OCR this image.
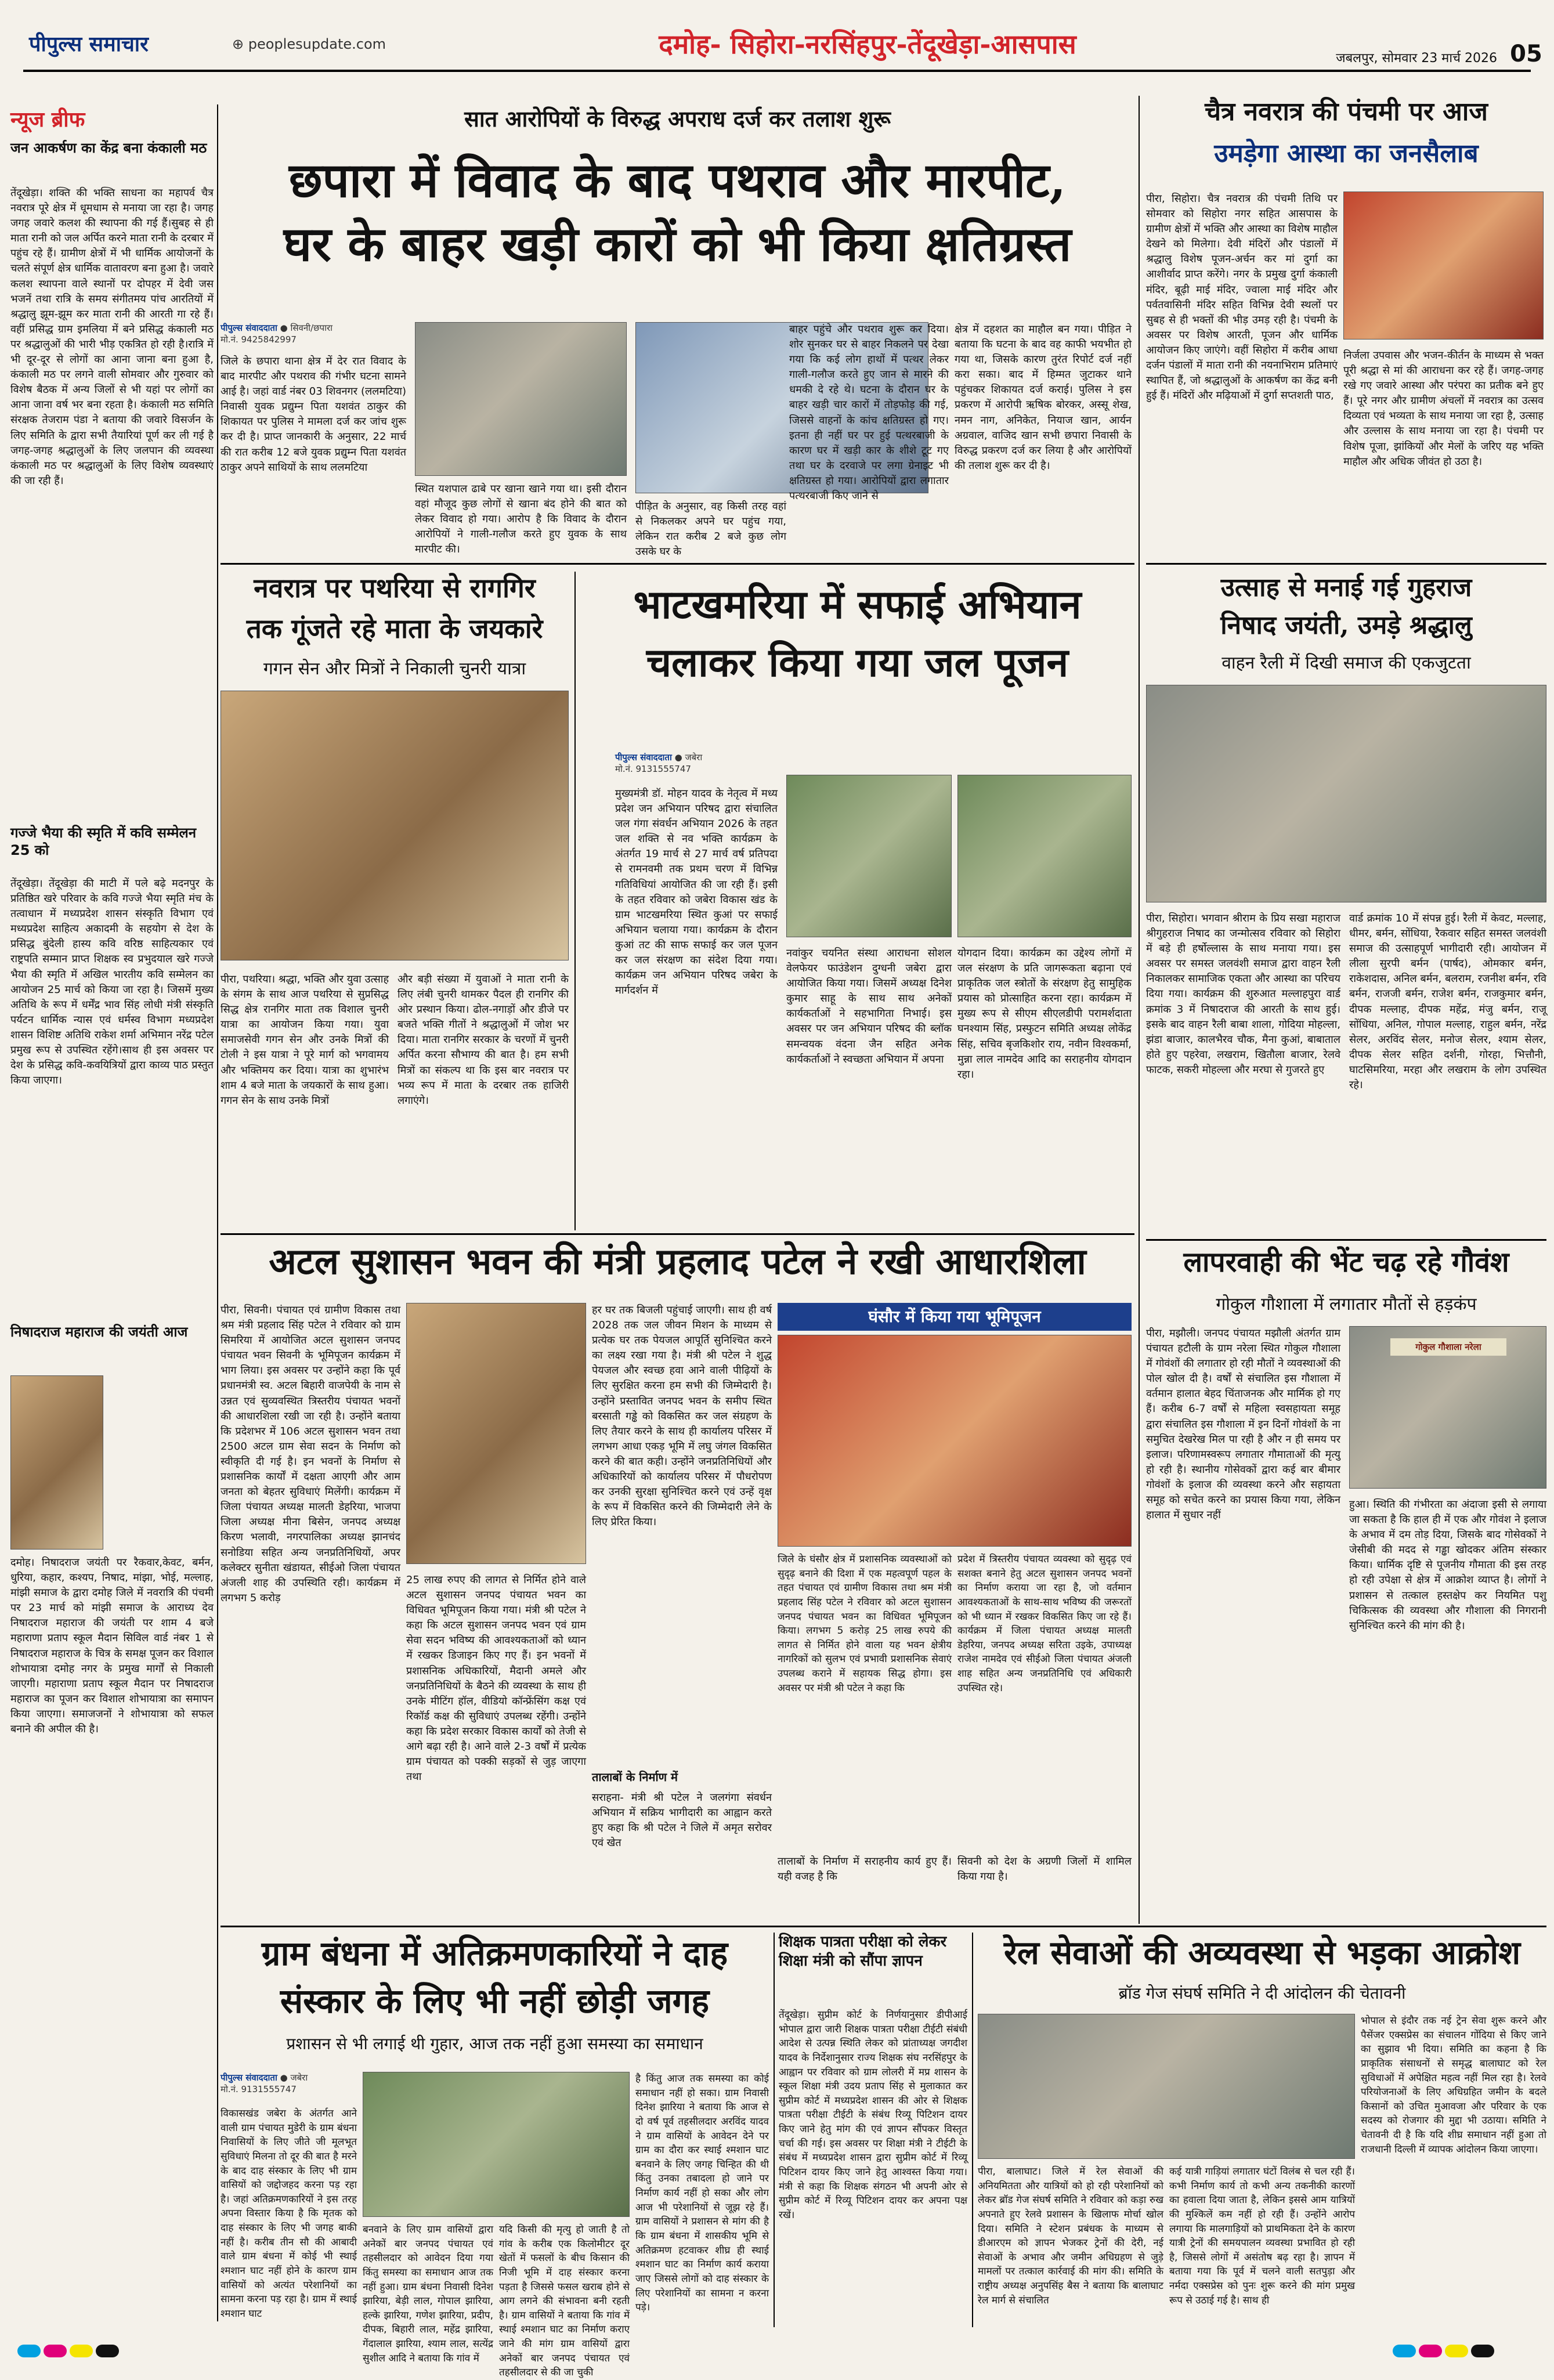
पीपुल्स समाचार	⊕ peoplesupdate.com	दमोह- सिहोरा-नरसिंहपुर-तेंदूखेड़ा-आसपास	जबलपुर, सोमवार 23 मार्च 2026 05
न्यूज ब्रीफ
जन आकर्षण का केंद्र बना कंकाली मठ
तेंदूखेड़ा। शक्ति की भक्ति साधना का महापर्व चैत्र नवरात्र पूरे क्षेत्र में धूमधाम से मनाया जा रहा है। जगह जगह जवारे कलश की स्थापना की गई हैं।सुबह से ही माता रानी को जल अर्पित करने माता रानी के दरबार में पहुंच रहे हैं। ग्रामीण क्षेत्रों में भी धार्मिक आयोजनों के चलते संपूर्ण क्षेत्र धार्मिक वातावरण बना हुआ है। जवारे कलश स्थापना वाले स्थानों पर दोपहर में देवी जस भजनें तथा रात्रि के समय संगीतमय पांच आरतियों में श्रद्धालु झूम-झूम कर माता रानी की आरती गा रहे हैं। वहीं प्रसिद्ध ग्राम इमलिया में बने प्रसिद्ध कंकाली मठ पर श्रद्धालुओं की भारी भीड़ एकत्रित हो रही है।रात्रि में भी दूर-दूर से लोगों का आना जाना बना हुआ है, कंकाली मठ पर लगने वाली सोमवार और गुरुवार को विशेष बैठक में अन्य जिलों से भी यहां पर लोगों का आना जाना वर्ष भर बना रहता है। कंकाली मठ समिति संरक्षक तेजराम पंडा ने बताया की जवारे विसर्जन के लिए समिति के द्वारा सभी तैयारियां पूर्ण कर ली गई है जगह-जगह श्रद्धालुओं के लिए जलपान की व्यवस्था कंकाली मठ पर श्रद्धालुओं के लिए विशेष व्यवस्थाएं की जा रही हैं।
गज्जे भैया की स्मृति में कवि सम्मेलन 25 को
तेंदूखेड़ा। तेंदूखेड़ा की माटी में पले बढ़े मदनपुर के प्रतिष्ठित खरे परिवार के कवि गज्जे भैया स्मृति मंच के तत्वाधान में मध्यप्रदेश शासन संस्कृति विभाग एवं मध्यप्रदेश साहित्य अकादमी के सहयोग से देश के प्रसिद्ध बुंदेली हास्य कवि वरिष्ठ साहित्यकार एवं राष्ट्रपति सम्मान प्राप्त शिक्षक स्व प्रभुदयाल खरे गज्जे भैया की स्मृति में अखिल भारतीय कवि सम्मेलन का आयोजन 25 मार्च को किया जा रहा है। जिसमें मुख्य अतिथि के रूप में धर्मेंद्र भाव सिंह लोधी मंत्री संस्कृति पर्यटन धार्मिक न्यास एवं धर्मस्व विभाग मध्यप्रदेश शासन विशिष्ट अतिथि राकेश शर्मा अभिमान नरेंद्र पटेल प्रमुख रूप से उपस्थित रहेंगे।साथ ही इस अवसर पर देश के प्रसिद्ध कवि-कवयित्रियों द्वारा काव्य पाठ प्रस्तुत किया जाएगा।
निषादराज महाराज की जयंती आज
दमोह। निषादराज जयंती पर रैकवार,केवट, बर्मन, धुरिया, कहार, कश्यप, निषाद, मांझा, भोई, मल्लाह, मांझी समाज के द्वारा दमोह जिले में नवरात्रि की पंचमी पर 23 मार्च को मांझी समाज के आराध्य देव निषादराज महाराज की जयंती पर शाम 4 बजे महाराणा प्रताप स्कूल मैदान सिविल वार्ड नंबर 1 से निषादराज महाराज के चित्र के समक्ष पूजन कर विशाल शोभायात्रा दमोह नगर के प्रमुख मार्गों से निकाली जाएगी। महाराणा प्रताप स्कूल मैदान पर निषादराज महाराज का पूजन कर विशाल शोभायात्रा का समापन किया जाएगा। समाजजनों ने शोभायात्रा को सफल बनाने की अपील की है।
सात आरोपियों के विरुद्ध अपराध दर्ज कर तलाश शुरू
छपारा में विवाद के बाद पथराव और मारपीट,
घर के बाहर खड़ी कारों को भी किया क्षतिग्रस्त
पीपुल्स संवाददाता ● सिवनी/छपारा
मो.नं. 9425842997
जिले के छपारा थाना क्षेत्र में देर रात विवाद के बाद मारपीट और पथराव की गंभीर घटना सामने आई है। जहां वार्ड नंबर 03 शिवनगर (ललमटिया) निवासी युवक प्रद्युम्न पिता यशवंत ठाकुर की शिकायत पर पुलिस ने मामला दर्ज कर जांच शुरू कर दी है। प्राप्त जानकारी के अनुसार, 22 मार्च की रात करीब 12 बजे युवक प्रद्युम्न पिता यशवंत ठाकुर अपने साथियों के साथ ललमटिया
स्थित यशपाल ढाबे पर खाना खाने गया था। इसी दौरान वहां मौजूद कुछ लोगों से खाना बंद होने की बात को लेकर विवाद हो गया। आरोप है कि विवाद के दौरान आरोपियों ने गाली-गलौज करते हुए युवक के साथ मारपीट की।
पीड़ित के अनुसार, वह किसी तरह वहां से निकलकर अपने घर पहुंच गया, लेकिन रात करीब 2 बजे कुछ लोग उसके घर के
बाहर पहुंचे और पथराव शुरू कर दिया। शोर सुनकर घर से बाहर निकलने पर देखा गया कि कई लोग हाथों में पत्थर लेकर गाली-गलौज करते हुए जान से मारने की धमकी दे रहे थे। घटना के दौरान घर के बाहर खड़ी चार कारों में तोड़फोड़ की गई, जिससे वाहनों के कांच क्षतिग्रस्त हो गए। इतना ही नहीं घर पर हुई पत्थरबाजी के कारण घर में खड़ी कार के शीशे टूट गए तथा घर के दरवाजे पर लगा ग्रेनाइट भी क्षतिग्रस्त हो गया। आरोपियों द्वारा लगातार पत्थरबाजी किए जाने से
क्षेत्र में दहशत का माहौल बन गया। पीड़ित ने बताया कि घटना के बाद वह काफी भयभीत हो गया था, जिसके कारण तुरंत रिपोर्ट दर्ज नहीं करा सका। बाद में हिम्मत जुटाकर थाने पहुंचकर शिकायत दर्ज कराई। पुलिस ने इस प्रकरण में आरोपी ऋषिक बोरकर, अस्सू शेख, नमन नाग, अनिकेत, नियाज खान, आर्यन अग्रवाल, वाजिद खान सभी छपारा निवासी के विरुद्ध प्रकरण दर्ज कर लिया है और आरोपियों की तलाश शुरू कर दी है।
चैत्र नवरात्र की पंचमी पर आज
उमड़ेगा आस्था का जनसैलाब
पीरा, सिहोरा। चैत्र नवरात्र की पंचमी तिथि पर सोमवार को सिहोरा नगर सहित आसपास के ग्रामीण क्षेत्रों में भक्ति और आस्था का विशेष माहौल देखने को मिलेगा। देवी मंदिरों और पंडालों में श्रद्धालु विशेष पूजन-अर्चन कर मां दुर्गा का आशीर्वाद प्राप्त करेंगे। नगर के प्रमुख दुर्गा कंकाली मंदिर, बूढ़ी माई मंदिर, ज्वाला माई मंदिर और पर्वतवासिनी मंदिर सहित विभिन्न देवी स्थलों पर सुबह से ही भक्तों की भीड़ उमड़ रही है। पंचमी के अवसर पर विशेष आरती, पूजन और धार्मिक आयोजन किए जाएंगे। वहीं सिहोरा में करीब आधा दर्जन पंडालों में माता रानी की नयनाभिराम प्रतिमाएं स्थापित हैं, जो श्रद्धालुओं के आकर्षण का केंद्र बनी हुई हैं। मंदिरों और मढ़ियाओं में दुर्गा सप्तशती पाठ,
निर्जला उपवास और भजन-कीर्तन के माध्यम से भक्त पूरी श्रद्धा से मां की आराधना कर रहे हैं। जगह-जगह रखे गए जवारे आस्था और परंपरा का प्रतीक बने हुए हैं। पूरे नगर और ग्रामीण अंचलों में नवरात्र का उत्सव दिव्यता एवं भव्यता के साथ मनाया जा रहा है, उत्साह और उल्लास के साथ मनाया जा रहा है। पंचमी पर विशेष पूजा, झांकियों और मेलों के जरिए यह भक्ति माहौल और अधिक जीवंत हो उठा है।
नवरात्र पर पथरिया से रागगिर
तक गूंजते रहे माता के जयकारे
गगन सेन और मित्रों ने निकाली चुनरी यात्रा
पीरा, पथरिया। श्रद्धा, भक्ति और युवा उत्साह के संगम के साथ आज पथरिया से सुप्रसिद्ध सिद्ध क्षेत्र रानगिर माता तक विशाल चुनरी यात्रा का आयोजन किया गया। युवा समाजसेवी गगन सेन और उनके मित्रों की टोली ने इस यात्रा ने पूरे मार्ग को भगवामय और भक्तिमय कर दिया। यात्रा का शुभारंभ शाम 4 बजे माता के जयकारों के साथ हुआ। गगन सेन के साथ उनके मित्रों
और बड़ी संख्या में युवाओं ने माता रानी के लिए लंबी चुनरी थामकर पैदल ही रानगिर की ओर प्रस्थान किया। ढोल-नगाड़ों और डीजे पर बजते भक्ति गीतों ने श्रद्धालुओं में जोश भर दिया। माता रानगिर सरकार के चरणों में चुनरी अर्पित करना सौभाग्य की बात है। हम सभी मित्रों का संकल्प था कि इस बार नवरात्र पर भव्य रूप में माता के दरबार तक हाजिरी लगाएंगे।
भाटखमरिया में सफाई अभियान
चलाकर किया गया जल पूजन
पीपुल्स संवाददाता ● जबेरा
मो.नं. 9131555747
मुख्यमंत्री डॉ. मोहन यादव के नेतृत्व में मध्य प्रदेश जन अभियान परिषद द्वारा संचालित जल गंगा संवर्धन अभियान 2026 के तहत जल शक्ति से नव भक्ति कार्यक्रम के अंतर्गत 19 मार्च से 27 मार्च वर्ष प्रतिपदा से रामनवमी तक प्रथम चरण में विभिन्न गतिविधियां आयोजित की जा रही हैं। इसी के तहत रविवार को जबेरा विकास खंड के ग्राम भाटखमरिया स्थित कुआं पर सफाई अभियान चलाया गया। कार्यक्रम के दौरान कुआं तट की साफ सफाई कर जल पूजन कर जल संरक्षण का संदेश दिया गया। कार्यक्रम जन अभियान परिषद जबेरा के मार्गदर्शन में
नवांकुर चयनित संस्था आराधना सोशल वेलफेयर फाउंडेशन दुग्धनी जबेरा द्वारा आयोजित किया गया। जिसमें अध्यक्ष दिनेश कुमार साहू के साथ साथ अनेकों कार्यकर्ताओं ने सहभागिता निभाई। इस अवसर पर जन अभियान परिषद की ब्लॉक समन्वयक वंदना जैन सहित अनेक कार्यकर्ताओं ने स्वच्छता अभियान में अपना
योगदान दिया। कार्यक्रम का उद्देश्य लोगों में जल संरक्षण के प्रति जागरूकता बढ़ाना एवं प्राकृतिक जल स्त्रोतों के संरक्षण हेतु सामुहिक प्रयास को प्रोत्साहित करना रहा। कार्यक्रम में मुख्य रूप से सीएम सीएलडीपी परामर्शदाता घनश्याम सिंह, प्रस्फुटन समिति अध्यक्ष लोकेंद्र सिंह, सचिव बृजकिशोर राय, नवीन विश्वकर्मा, मुन्ना लाल नामदेव आदि का सराहनीय योगदान रहा।
उत्साह से मनाई गई गुहराज
निषाद जयंती, उमड़े श्रद्धालु
वाहन रैली में दिखी समाज की एकजुटता
पीरा, सिहोरा। भगवान श्रीराम के प्रिय सखा महाराज श्रीगुहराज निषाद का जन्मोत्सव रविवार को सिहोरा में बड़े ही हर्षोल्लास के साथ मनाया गया। इस अवसर पर समस्त जलवंशी समाज द्वारा वाहन रैली निकालकर सामाजिक एकता और आस्था का परिचय दिया गया। कार्यक्रम की शुरुआत मल्लाहपुरा वार्ड क्रमांक 3 में निषादराज की आरती के साथ हुई। इसके बाद वाहन रैली बाबा शाला, गोदिया मोहल्ला, झंडा बाजार, कालभैरव चौक, मैना कुआं, बाबाताल होते हुए पहरेवा, लखराम, खितौला बाजार, रेलवे फाटक, सकरी मोहल्ला और मरघा से गुजरते हुए
वार्ड क्रमांक 10 में संपन्न हुई। रैली में केवट, मल्लाह, धीमर, बर्मन, सोंधिया, रैकवार सहित समस्त जलवंशी समाज की उत्साहपूर्ण भागीदारी रही। आयोजन में लीला सुरपी बर्मन (पार्षद), ओमकार बर्मन, राकेशदास, अनिल बर्मन, बलराम, रजनीश बर्मन, रवि बर्मन, राजजी बर्मन, राजेश बर्मन, राजकुमार बर्मन, दीपक मल्लाह, दीपक महेंद्र, मंजु बर्मन, राजू सोंधिया, अनिल, गोपाल मल्लाह, राहुल बर्मन, नरेंद्र सेलर, अरविंद सेलर, मनोज सेलर, श्याम सेलर, दीपक सेलर सहित दर्शनी, गोरहा, भित्तौनी, घाटसिमरिया, मरहा और लखराम के लोग उपस्थित रहे।
अटल सुशासन भवन की मंत्री प्रहलाद पटेल ने रखी आधारशिला
पीरा, सिवनी। पंचायत एवं ग्रामीण विकास तथा श्रम मंत्री प्रहलाद सिंह पटेल ने रविवार को ग्राम सिमरिया में आयोजित अटल सुशासन जनपद पंचायत भवन सिवनी के भूमिपूजन कार्यक्रम में भाग लिया। इस अवसर पर उन्होंने कहा कि पूर्व प्रधानमंत्री स्व. अटल बिहारी वाजपेयी के नाम से उन्नत एवं सुव्यवस्थित त्रिस्तरीय पंचायत भवनों की आधारशिला रखी जा रही है। उन्होंने बताया कि प्रदेशभर में 106 अटल सुशासन भवन तथा 2500 अटल ग्राम सेवा सदन के निर्माण को स्वीकृति दी गई है। इन भवनों के निर्माण से प्रशासनिक कार्यों में दक्षता आएगी और आम जनता को बेहतर सुविधाएं मिलेंगी। कार्यक्रम में जिला पंचायत अध्यक्ष मालती डेहरिया, भाजपा जिला अध्यक्ष मीना बिसेन, जनपद अध्यक्ष किरण भलावी, नगरपालिका अध्यक्ष झानचंद सनोडिया सहित अन्य जनप्रतिनिधियों, अपर कलेक्टर सुनीता खंडायत, सीईओ जिला पंचायत अंजली शाह की उपस्थिति रही। कार्यक्रम में लगभग 5 करोड़
25 लाख रुपए की लागत से निर्मित होने वाले अटल सुशासन जनपद पंचायत भवन का विधिवत भूमिपूजन किया गया। मंत्री श्री पटेल ने कहा कि अटल सुशासन जनपद भवन एवं ग्राम सेवा सदन भविष्य की आवश्यकताओं को ध्यान में रखकर डिजाइन किए गए हैं। इन भवनों में प्रशासनिक अधिकारियों, मैदानी अमले और जनप्रतिनिधियों के बैठने की व्यवस्था के साथ ही उनके मीटिंग हॉल, वीडियो कॉन्फ्रेंसिंग कक्ष एवं रिकॉर्ड कक्ष की सुविधाएं उपलब्ध रहेंगी। उन्होंने कहा कि प्रदेश सरकार विकास कार्यों को तेजी से आगे बढ़ा रही है। आने वाले 2-3 वर्षों में प्रत्येक ग्राम पंचायत को पक्की सड़कों से जुड़ जाएगा तथा
हर घर तक बिजली पहुंचाई जाएगी। साथ ही वर्ष 2028 तक जल जीवन मिशन के माध्यम से प्रत्येक घर तक पेयजल आपूर्ति सुनिश्चित करने का लक्ष्य रखा गया है। मंत्री श्री पटेल ने शुद्ध पेयजल और स्वच्छ हवा आने वाली पीढ़ियों के लिए सुरक्षित करना हम सभी की जिम्मेदारी है। उन्होंने प्रस्तावित जनपद भवन के समीप स्थित बरसाती गड्ढे को विकसित कर जल संग्रहण के लिए तैयार करने के साथ ही कार्यालय परिसर में लगभग आधा एकड़ भूमि में लघु जंगल विकसित करने की बात कही। उन्होंने जनप्रतिनिधियों और अधिकारियों को कार्यालय परिसर में पौधरोपण कर उनकी सुरक्षा सुनिश्चित करने एवं उन्हें वृक्ष के रूप में विकसित करने की जिम्मेदारी लेने के लिए प्रेरित किया।
तालाबों के निर्माण में
सराहना- मंत्री श्री पटेल ने जलगंगा संवर्धन अभियान में सक्रिय भागीदारी का आह्वान करते हुए कहा कि श्री पटेल ने जिले में अमृत सरोवर एवं खेत
घंसौर में किया गया भूमिपूजन
जिले के घंसौर क्षेत्र में प्रशासनिक व्यवस्थाओं को सुदृढ़ बनाने की दिशा में एक महत्वपूर्ण पहल के तहत पंचायत एवं ग्रामीण विकास तथा श्रम मंत्री प्रहलाद सिंह पटेल ने रविवार को अटल सुशासन जनपद पंचायत भवन का विधिवत भूमिपूजन किया। लगभग 5 करोड़ 25 लाख रुपये की लागत से निर्मित होने वाला यह भवन क्षेत्रीय नागरिकों को सुलभ एवं प्रभावी प्रशासनिक सेवाएं उपलब्ध कराने में सहायक सिद्ध होगा। इस अवसर पर मंत्री श्री पटेल ने कहा कि
प्रदेश में त्रिस्तरीय पंचायत व्यवस्था को सुदृढ़ एवं सशक्त बनाने हेतु अटल सुशासन जनपद भवनों का निर्माण कराया जा रहा है, जो वर्तमान आवश्यकताओं के साथ-साथ भविष्य की जरूरतों को भी ध्यान में रखकर विकसित किए जा रहे हैं। कार्यक्रम में जिला पंचायत अध्यक्ष मालती डेहरिया, जनपद अध्यक्ष सरिता उइके, उपाध्यक्ष राजेश नामदेव एवं सीईओ जिला पंचायत अंजली शाह सहित अन्य जनप्रतिनिधि एवं अधिकारी उपस्थित रहे।
तालाबों के निर्माण में सराहनीय कार्य हुए हैं। यही वजह है कि
सिवनी को देश के अग्रणी जिलों में शामिल किया गया है।
लापरवाही की भेंट चढ़ रहे गौवंश
गोकुल गौशाला में लगातार मौतों से हड़कंप
पीरा, मझौली। जनपद पंचायत मझौली अंतर्गत ग्राम पंचायत हटौली के ग्राम नरेला स्थित गोकुल गौशाला में गोवंशों की लगातार हो रही मौतों ने व्यवस्थाओं की पोल खोल दी है। वर्षों से संचालित इस गौशाला में वर्तमान हालात बेहद चिंताजनक और मार्मिक हो गए हैं। करीब 6-7 वर्षों से महिला स्वसहायता समूह द्वारा संचालित इस गौशाला में इन दिनों गोवंशों के ना समुचित देखरेख मिल पा रही है और न ही समय पर इलाज। परिणामस्वरूप लगातार गौमाताओं की मृत्यु हो रही है। स्थानीय गोसेवकों द्वारा कई बार बीमार गोवंशों के इलाज की व्यवस्था करने और सहायता समूह को सचेत करने का प्रयास किया गया, लेकिन हालात में सुधार नहीं
गोकुल गौशाला नरेला
हुआ। स्थिति की गंभीरता का अंदाजा इसी से लगाया जा सकता है कि हाल ही में एक और गोवंश ने इलाज के अभाव में दम तोड़ दिया, जिसके बाद गोसेवकों ने जेसीबी की मदद से गड्ढा खोदकर अंतिम संस्कार किया। धार्मिक दृष्टि से पूजनीय गौमाता की इस तरह हो रही उपेक्षा से क्षेत्र में आक्रोश व्याप्त है। लोगों ने प्रशासन से तत्काल हस्तक्षेप कर नियमित पशु चिकित्सक की व्यवस्था और गौशाला की निगरानी सुनिश्चित करने की मांग की है।
ग्राम बंधना में अतिक्रमणकारियों ने दाह
संस्कार के लिए भी नहीं छोड़ी जगह
प्रशासन से भी लगाई थी गुहार, आज तक नहीं हुआ समस्या का समाधान
पीपुल्स संवाददाता ● जबेरा
मो.नं. 9131555747
विकासखंड जबेरा के अंतर्गत आने वाली ग्राम पंचायत मुडेरी के ग्राम बंधना निवासियों के लिए जीते जी मूलभूत सुविधाएं मिलना तो दूर की बात है मरने के बाद दाह संस्कार के लिए भी ग्राम वासियों को जद्दोजहद करना पड़ रहा है। जहां अतिक्रमणकारियों ने इस तरह अपना विस्तार किया है कि मृतक को दाह संस्कार के लिए भी जगह बाकी नहीं है। करीब तीन सौ की आबादी वाले ग्राम बंधना में कोई भी स्थाई श्मशान घाट नहीं होने के कारण ग्राम वासियों को अत्यंत परेशानियों का सामना करना पड़ रहा है। ग्राम में स्थाई श्मशान घाट
बनवाने के लिए ग्राम वासियों द्वारा अनेकों बार जनपद पंचायत एवं तहसीलदार को आवेदन दिया गया किंतु समस्या का समाधान आज तक नहीं हुआ। ग्राम बंधना निवासी दिनेश झारिया, बेड़ी लाल, गोपाल झारिया, हल्के झारिया, गणेश झारिया, प्रदीप, दीपक, बिहारी लाल, महेंद्र झारिया, गेंदालाल झारिया, श्याम लाल, सत्येंद्र सुशील आदि ने बताया कि गांव में
यदि किसी की मृत्यु हो जाती है तो गांव के करीब एक किलोमीटर दूर खेतों में फसलों के बीच किसान की निजी भूमि में दाह संस्कार करना पड़ता है जिससे फसल खराब होने से आग लगने की संभावना बनी रहती है। ग्राम वासियों ने बताया कि गांव में स्थाई श्मशान घाट का निर्माण कराए जाने की मांग ग्राम वासियों द्वारा अनेकों बार जनपद पंचायत एवं तहसीलदार से की जा चुकी
है किंतु आज तक समस्या का कोई समाधान नहीं हो सका। ग्राम निवासी दिनेश झारिया ने बताया कि आज से दो वर्ष पूर्व तहसीलदार अरविंद यादव ने ग्राम वासियों के आवेदन देने पर ग्राम का दौरा कर स्थाई श्मशान घाट बनवाने के लिए जगह चिन्हित की थी किंतु उनका तबादला हो जाने पर निर्माण कार्य नहीं हो सका और लोग आज भी परेशानियों से जूझ रहे हैं। ग्राम वासियों ने प्रशासन से मांग की है कि ग्राम बंधना में शासकीय भूमि से अतिक्रमण हटवाकर शीघ्र ही स्थाई श्मशान घाट का निर्माण कार्य कराया जाए जिससे लोगों को दाह संस्कार के लिए परेशानियों का सामना न करना पड़े।
शिक्षक पात्रता परीक्षा को लेकर शिक्षा मंत्री को सौंपा ज्ञापन
तेंदूखेड़ा। सुप्रीम कोर्ट के निर्णयानुसार डीपीआई भोपाल द्वारा जारी शिक्षक पात्रता परीक्षा टीईटी संबंधी आदेश से उत्पन्न स्थिति लेकर को प्रांताध्यक्ष जगदीश यादव के निर्देशानुसार राज्य शिक्षक संघ नरसिंहपुर के आह्वान पर रविवार को ग्राम लोलरी में मप्र शासन के स्कूल शिक्षा मंत्री उदय प्रताप सिंह से मुलाकात कर सुप्रीम कोर्ट में मध्यप्रदेश शासन की ओर से शिक्षक पात्रता परीक्षा टीईटी के संबंध रिव्यू पिटिशन दायर किए जाने हेतु मांग की एवं ज्ञापन सौंपकर विस्तृत चर्चा की गई। इस अवसर पर शिक्षा मंत्री ने टीईटी के संबंध में मध्यप्रदेश शासन द्वारा सुप्रीम कोर्ट में रिव्यू पिटिशन दायर किए जाने हेतु आश्वस्त किया गया। मंत्री से कहा कि शिक्षक संगठन भी अपनी ओर से सुप्रीम कोर्ट में रिव्यू पिटिशन दायर कर अपना पक्ष रखें।
रेल सेवाओं की अव्यवस्था से भड़का आक्रोश
ब्रॉड गेज संघर्ष समिति ने दी आंदोलन की चेतावनी
पीरा, बालाघाट। जिले में रेल सेवाओं की अनियमितता और यात्रियों को हो रही परेशानियों को लेकर ब्रॉड गेज संघर्ष समिति ने रविवार को कड़ा रुख अपनाते हुए रेलवे प्रशासन के खिलाफ मोर्चा खोल दिया। समिति ने स्टेशन प्रबंधक के माध्यम से डीआरएम को ज्ञापन भेजकर ट्रेनों की देरी, नई सेवाओं के अभाव और जमीन अधिग्रहण से जुड़े मामलों पर तत्काल कार्रवाई की मांग की। समिति के राष्ट्रीय अध्यक्ष अनुपसिंह बैस ने बताया कि बालाघाट रेल मार्ग से संचालित
कई यात्री गाड़ियां लगातार घंटों विलंब से चल रही हैं। कभी निर्माण कार्य तो कभी अन्य तकनीकी कारणों का हवाला दिया जाता है, लेकिन इससे आम यात्रियों की मुश्किलें कम नहीं हो रही हैं। उन्होंने आरोप लगाया कि मालगाड़ियों को प्राथमिकता देने के कारण यात्री ट्रेनों की समयपालन व्यवस्था प्रभावित हो रही है, जिससे लोगों में असंतोष बढ़ रहा है। ज्ञापन में बताया गया कि पूर्व में चलने वाली सतपुड़ा और नर्मदा एक्सप्रेस को पुनः शुरू करने की मांग प्रमुख रूप से उठाई गई है। साथ ही
भोपाल से इंदौर तक नई ट्रेन सेवा शुरू करने और पैसेंजर एक्सप्रेस का संचालन गोंदिया से किए जाने का सुझाव भी दिया। समिति का कहना है कि प्राकृतिक संसाधनों से समृद्ध बालाघाट को रेल सुविधाओं में अपेक्षित महत्व नहीं मिल रहा है। रेलवे परियोजनाओं के लिए अधिग्रहित जमीन के बदले किसानों को उचित मुआवजा और परिवार के एक सदस्य को रोजगार की मुद्दा भी उठाया। समिति ने चेतावनी दी है कि यदि शीघ्र समाधान नहीं हुआ तो राजधानी दिल्ली में व्यापक आंदोलन किया जाएगा।
